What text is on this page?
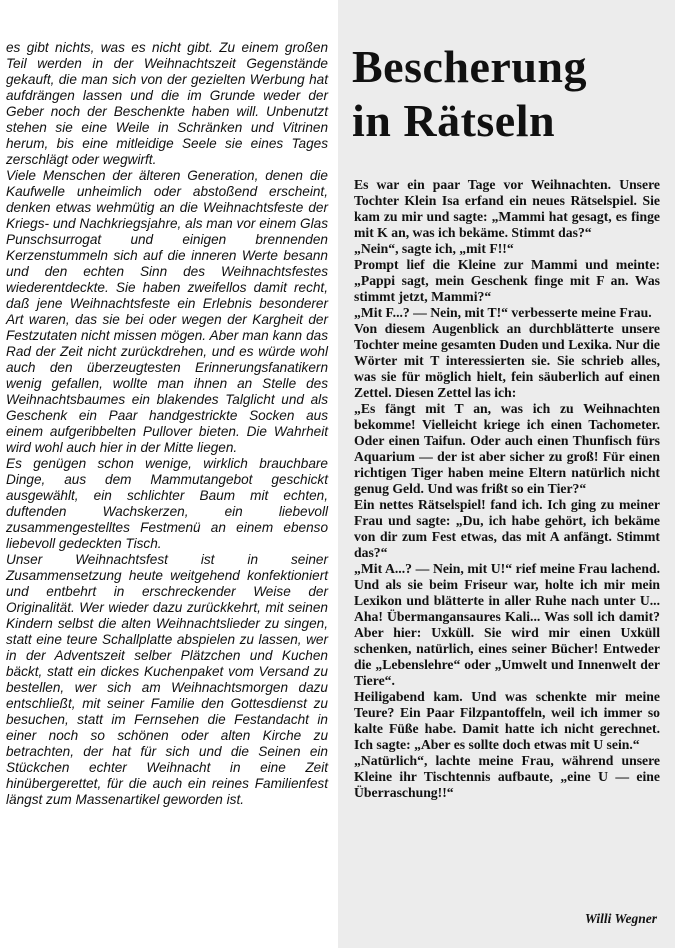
es gibt nichts, was es nicht gibt. Zu einem großen Teil werden in der Weihnachtszeit Gegenstände gekauft, die man sich von der gezielten Werbung hat aufdrängen lassen und die im Grunde weder der Geber noch der Beschenkte haben will. Unbenutzt stehen sie eine Weile in Schränken und Vitrinen herum, bis eine mitleidige Seele sie eines Tages zerschlägt oder wegwirft.

Viele Menschen der älteren Generation, denen die Kaufwelle unheimlich oder abstoßend erscheint, denken etwas wehmütig an die Weihnachtsfeste der Kriegs- und Nachkriegsjahre, als man vor einem Glas Punschsurrogat und einigen brennenden Kerzenstummeln sich auf die inneren Werte besann und den echten Sinn des Weihnachtsfestes wiederentdeckte. Sie haben zweifellos damit recht, daß jene Weihnachtsfeste ein Erlebnis besonderer Art waren, das sie bei oder wegen der Kargheit der Festzutaten nicht missen mögen. Aber man kann das Rad der Zeit nicht zurückdrehen, und es würde wohl auch den überzeugtesten Erinnerungsfanatikern wenig gefallen, wollte man ihnen an Stelle des Weihnachtsbaumes ein blakendes Talglicht und als Geschenk ein Paar handgestrickte Socken aus einem aufgeribbelten Pullover bieten. Die Wahrheit wird wohl auch hier in der Mitte liegen.

Es genügen schon wenige, wirklich brauchbare Dinge, aus dem Mammutangebot geschickt ausgewählt, ein schlichter Baum mit echten, duftenden Wachskerzen, ein liebevoll zusammengestelltes Festmenü an einem ebenso liebevoll gedeckten Tisch.

Unser Weihnachtsfest ist in seiner Zusammensetzung heute weitgehend konfektioniert und entbehrt in erschreckender Weise der Originalität. Wer wieder dazu zurückkehrt, mit seinen Kindern selbst die alten Weihnachtslieder zu singen, statt eine teure Schallplatte abspielen zu lassen, wer in der Adventszeit selber Plätzchen und Kuchen bäckt, statt ein dickes Kuchenpaket vom Versand zu bestellen, wer sich am Weihnachtsmorgen dazu entschließt, mit seiner Familie den Gottesdienst zu besuchen, statt im Fernsehen die Festandacht in einer noch so schönen oder alten Kirche zu betrachten, der hat für sich und die Seinen ein Stückchen echter Weihnacht in eine Zeit hinübergerettet, für die auch ein reines Familienfest längst zum Massenartikel geworden ist.

Bescherung
in Rätseln

Es war ein paar Tage vor Weihnachten. Unsere Tochter Klein Isa erfand ein neues Rätselspiel. Sie kam zu mir und sagte: „Mammi hat gesagt, es finge mit K an, was ich bekäme. Stimmt das?“

„Nein“, sagte ich, „mit F!!“

Prompt lief die Kleine zur Mammi und meinte: „Pappi sagt, mein Geschenk finge mit F an. Was stimmt jetzt, Mammi?“

„Mit F...? — Nein, mit T!“ verbesserte meine Frau.

Von diesem Augenblick an durchblätterte unsere Tochter meine gesamten Duden und Lexika. Nur die Wörter mit T interessierten sie. Sie schrieb alles, was sie für möglich hielt, fein säuberlich auf einen Zettel. Diesen Zettel las ich:

„Es fängt mit T an, was ich zu Weihnachten bekomme! Vielleicht kriege ich einen Tachometer. Oder einen Taifun. Oder auch einen Thunfisch fürs Aquarium — der ist aber sicher zu groß! Für einen richtigen Tiger haben meine Eltern natürlich nicht genug Geld. Und was frißt so ein Tier?“

Ein nettes Rätselspiel! fand ich. Ich ging zu meiner Frau und sagte: „Du, ich habe gehört, ich bekäme von dir zum Fest etwas, das mit A anfängt. Stimmt das?“

„Mit A...? — Nein, mit U!“ rief meine Frau lachend. Und als sie beim Friseur war, holte ich mir mein Lexikon und blätterte in aller Ruhe nach unter U... Aha! Übermangansaures Kali... Was soll ich damit? Aber hier: Uxküll. Sie wird mir einen Uxküll schenken, natürlich, eines seiner Bücher! Entweder die „Lebenslehre“ oder „Umwelt und Innenwelt der Tiere“.

Heiligabend kam. Und was schenkte mir meine Teure? Ein Paar Filzpantoffeln, weil ich immer so kalte Füße habe. Damit hatte ich nicht gerechnet. Ich sagte: „Aber es sollte doch etwas mit U sein.“

„Natürlich“, lachte meine Frau, während unsere Kleine ihr Tischtennis aufbaute, „eine U — eine Überraschung!!“

Willi Wegner
